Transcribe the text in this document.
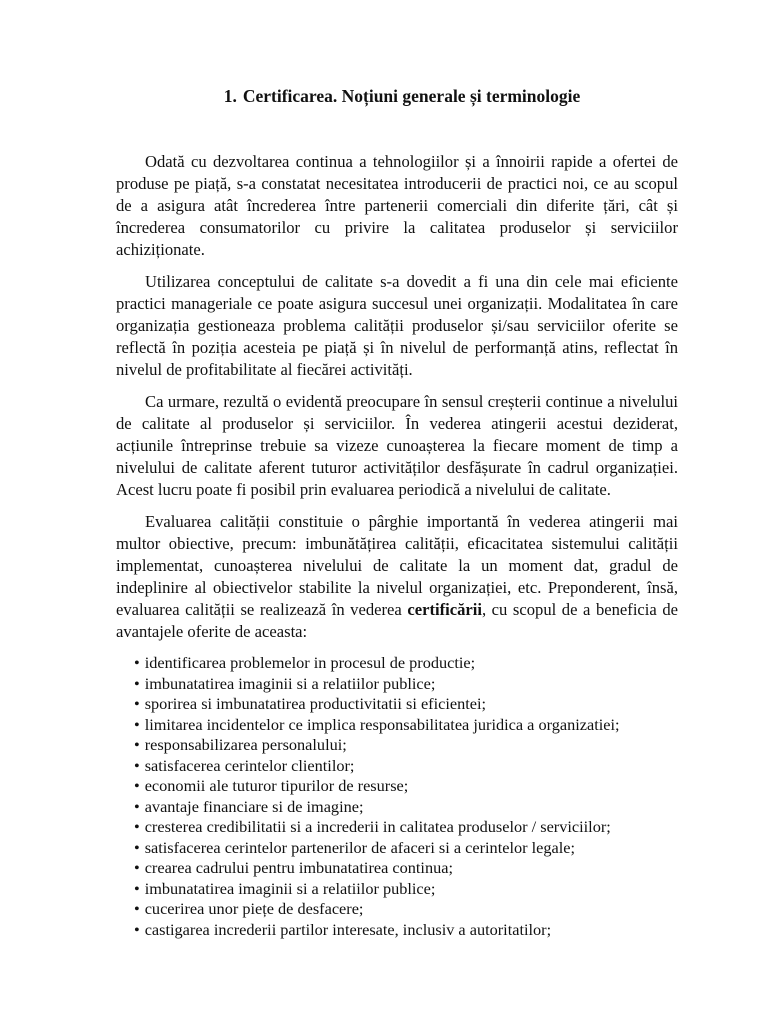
1. Certificarea. Noțiuni generale și terminologie

Odată cu dezvoltarea continua a tehnologiilor și a înnoirii rapide a ofertei de produse pe piață, s-a constatat necesitatea introducerii de practici noi, ce au scopul de a asigura atât încrederea între partenerii comerciali din diferite țări, cât și încrederea consumatorilor cu privire la calitatea produselor și serviciilor achiziționate.

Utilizarea conceptului de calitate s-a dovedit a fi una din cele mai eficiente practici manageriale ce poate asigura succesul unei organizații. Modalitatea în care organizația gestioneaza problema calității produselor și/sau serviciilor oferite se reflectă în poziția acesteia pe piață și în nivelul de performanță atins, reflectat în nivelul de profitabilitate al fiecărei activități.

Ca urmare, rezultă o evidentă preocupare în sensul creșterii continue a nivelului de calitate al produselor și serviciilor. În vederea atingerii acestui deziderat, acțiunile întreprinse trebuie sa vizeze cunoașterea la fiecare moment de timp a nivelului de calitate aferent tuturor activităților desfășurate în cadrul organizației. Acest lucru poate fi posibil prin evaluarea periodică a nivelului de calitate.

Evaluarea calității constituie o pârghie importantă în vederea atingerii mai multor obiective, precum: imbunătățirea calității, eficacitatea sistemului calității implementat, cunoașterea nivelului de calitate la un moment dat, gradul de indeplinire al obiectivelor stabilite la nivelul organizației, etc. Preponderent, însă, evaluarea calității se realizează în vederea certificării, cu scopul de a beneficia de avantajele oferite de aceasta:

• identificarea problemelor in procesul de productie;
• imbunatatirea imaginii si a relatiilor publice;
• sporirea si imbunatatirea productivitatii si eficientei;
• limitarea incidentelor ce implica responsabilitatea juridica a organizatiei;
• responsabilizarea personalului;
• satisfacerea cerintelor clientilor;
• economii ale tuturor tipurilor de resurse;
• avantaje financiare si de imagine;
• cresterea credibilitatii si a increderii in calitatea produselor / serviciilor;
• satisfacerea cerintelor partenerilor de afaceri si a cerintelor legale;
• crearea cadrului pentru imbunatatirea continua;
• imbunatatirea imaginii si a relatiilor publice;
• cucerirea unor piețe de desfacere;
• castigarea increderii partilor interesate, inclusiv a autoritatilor;
